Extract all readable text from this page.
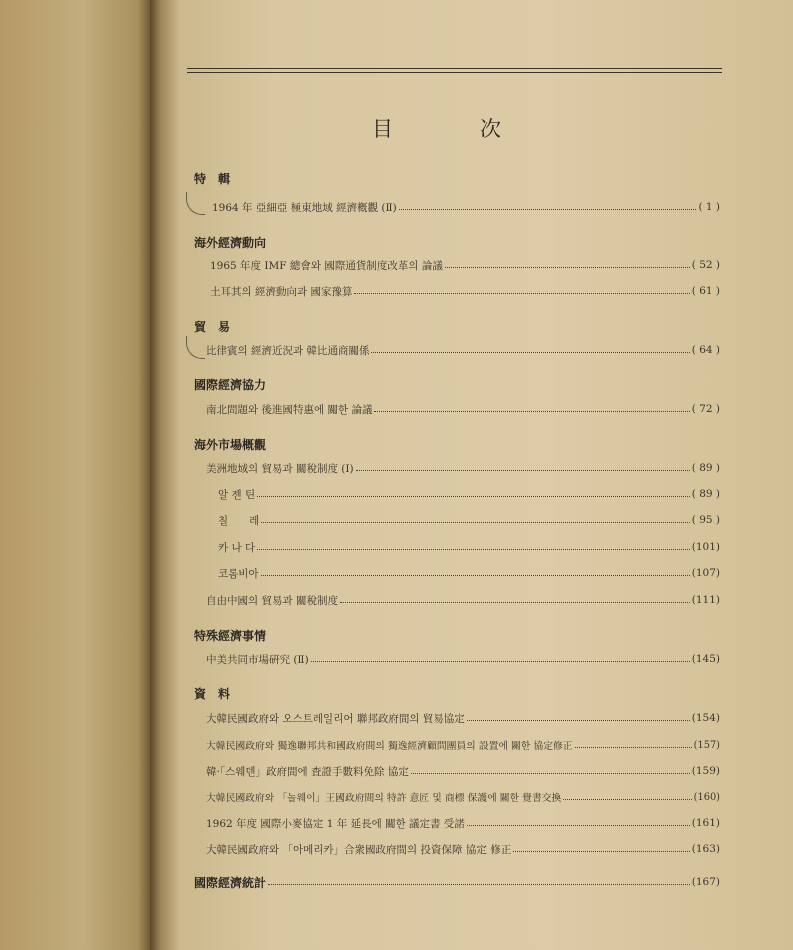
目	次
特　輯
1964 年 亞細亞 極東地域 經濟槪觀 (Ⅱ)	( 1 )
海外經濟動向
1965 年度 IMF 總會와 國際通貨制度改革의 論議	( 52 )
土耳其의 經濟動向과 國家豫算	( 61 )
貿　易
比律賓의 經濟近況과 韓比通商關係	( 64 )
國際經濟協力
南北問題와 後進國特惠에 關한 論議	( 72 )
海外市場概觀
美洲地域의 貿易과 關稅制度 (Ⅰ)	( 89 )
알 젠 틴	( 89 )
칠　　레	( 95 )
카 나 다	(101)
코롬비아	(107)
自由中國의 貿易과 關稅制度	(111)
特殊經濟事情
中美共同市場硏究 (Ⅱ)	(145)
資　料
大韓民國政府와 오스트레일리어 聯邦政府間의 貿易協定	(154)
大韓民國政府와 獨逸聯邦共和國政府間의 獨逸經濟顧問團員의 設置에 關한 協定修正	(157)
韓·「스웨덴」政府間에 査證手數料免除 協定	(159)
大韓民國政府와 「놀웨이」王國政府間의 特許 意匠 및 商標 保護에 關한 覺書交換	(160)
1962 年度 國際小麥協定 1 年 延長에 關한 議定書 受諾	(161)
大韓民國政府와 「아메리카」合衆國政府間의 投資保障 協定 修正	(163)
國際經濟統計	(167)
